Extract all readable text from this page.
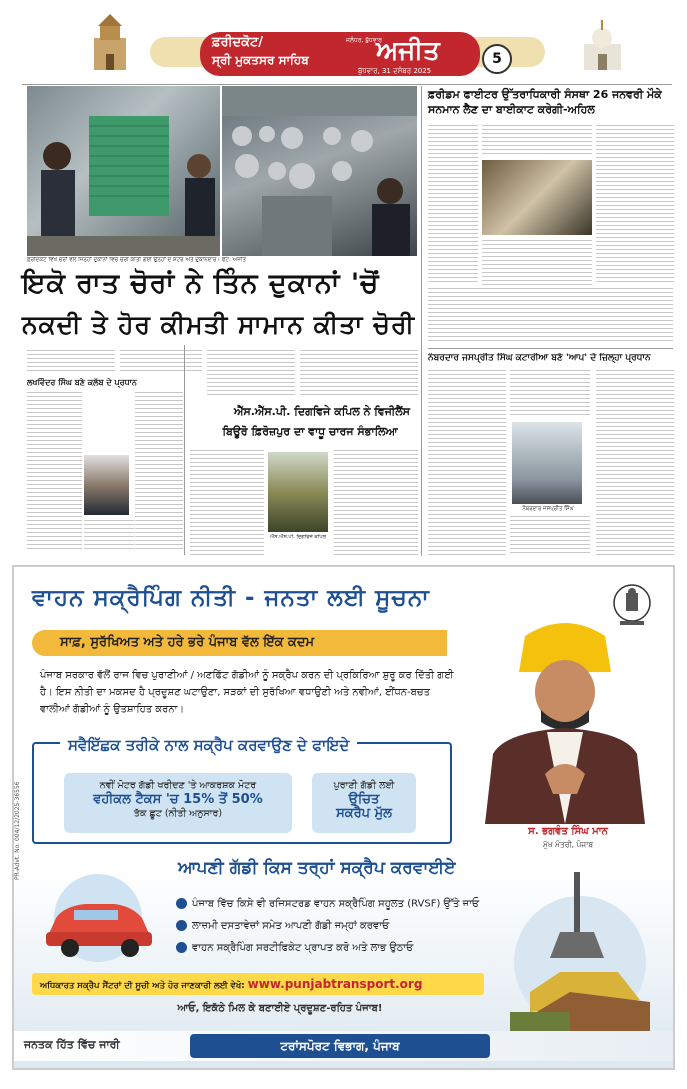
ਫ਼ਰੀਦਕੋਟ/
ਸ੍ਰੀ ਮੁਕਤਸਰ ਸਾਹਿਬ
ਜਲੰਧਰ, ਬੁੱਧਵਾਰ
ਅਜੀਤ
ਬੁੱਧਵਾਰ, 31 ਦਸੰਬਰ 2025
5
ਫ਼ਰੀਦਕੋਟ ਵਿਖੇ ਚੋਰਾਂ ਵਲੋਂ ਜਿਨ੍ਹਾਂ ਦੁਕਾਨਾਂ ਵਿਚ ਚੋਰੀ ਕੀਤੀ ਗਈ ਉਨ੍ਹਾਂ ਦੇ ਸ਼ਟਰ ਅਤੇ ਦੁਕਾਨਦਾਰ। ਫੋਟੋ: ਅਜੀਤ
ਇਕੋ ਰਾਤ ਚੋਰਾਂ ਨੇ ਤਿੰਨ ਦੁਕਾਨਾਂ 'ਚੋਂ
ਨਕਦੀ ਤੇ ਹੋਰ ਕੀਮਤੀ ਸਾਮਾਨ ਕੀਤਾ ਚੋਰੀ
ਲਖਵਿੰਦਰ ਸਿੰਘ ਬਣੇ ਕਲੱਬ ਦੇ ਪ੍ਰਧਾਨ
ਐੱਸ.ਐੱਸ.ਪੀ. ਦਿਗਵਿਜੇ ਕਪਿਲ ਨੇ ਵਿਜੀਲੈਂਸ
ਬਿਊਰੋ ਫ਼ਿਰੋਜ਼ਪੁਰ ਦਾ ਵਾਧੂ ਚਾਰਜ ਸੰਭਾਲਿਆ
ਐੱਸ.ਐੱਸ.ਪੀ. ਦਿਗਵਿਜੇ ਕਪਿਲ
ਫ਼ਰੀਡਮ ਫਾਈਟਰ ਉੱਤਰਾਧਿਕਾਰੀ ਸੰਸਥਾ 26 ਜਨਵਰੀ ਮੌਕੇ ਸਨਮਾਨ ਲੈਣ ਦਾ ਬਾਈਕਾਟ ਕਰੇਗੀ-ਅਹਿਲ
ਨੰਬਰਦਾਰ ਜਸਪ੍ਰੀਤ ਸਿੰਘ ਕਟਾਰੀਆ ਬਣੇ 'ਆਪ' ਦੇ ਜ਼ਿਲ੍ਹਾ ਪ੍ਰਧਾਨ
ਨੰਬਰਦਾਰ ਜਸਪ੍ਰੀਤ ਸਿੰਘ
ਵਾਹਨ ਸਕ੍ਰੈਪਿੰਗ ਨੀਤੀ - ਜਨਤਾ ਲਈ ਸੂਚਨਾ
ਸਾਫ਼, ਸੁਰੱਖਿਅਤ ਅਤੇ ਹਰੇ ਭਰੇ ਪੰਜਾਬ ਵੱਲ ਇੱਕ ਕਦਮ
ਪੰਜਾਬ ਸਰਕਾਰ ਵੱਲੋਂ ਰਾਜ ਵਿਚ ਪੁਰਾਣੀਆਂ / ਅਣਫਿੱਟ ਗੱਡੀਆਂ ਨੂੰ ਸਕ੍ਰੈਪ ਕਰਨ ਦੀ ਪ੍ਰਕਿਰਿਆ ਸ਼ੁਰੂ ਕਰ ਦਿੱਤੀ ਗਈ ਹੈ। ਇਸ ਨੀਤੀ ਦਾ ਮਕਸਦ ਹੈ ਪ੍ਰਦੂਸ਼ਣ ਘਟਾਉਣਾ, ਸੜਕਾਂ ਦੀ ਸੁਰੱਖਿਆ ਵਧਾਉਣੀ ਅਤੇ ਨਵੀਆਂ, ਈਂਧਨ-ਬਚਤ ਵਾਲੀਆਂ ਗੱਡੀਆਂ ਨੂੰ ਉਤਸ਼ਾਹਿਤ ਕਰਨਾ।
ਸਵੈਇੱਛਕ ਤਰੀਕੇ ਨਾਲ ਸਕ੍ਰੈਪ ਕਰਵਾਉਣ ਦੇ ਫਾਇਦੇ
ਨਵੀਂ ਮੋਟਰ ਗੱਡੀ ਖਰੀਦਣ 'ਤੇ ਆਕਰਸ਼ਕ ਮੋਟਰ
ਵਹੀਕਲ ਟੈਕਸ 'ਚ 15% ਤੋਂ 50%
ਤੱਕ ਛੂਟ (ਨੀਤੀ ਅਨੁਸਾਰ)
ਪੁਰਾਣੀ ਗੱਡੀ ਲਈ
ਉਚਿਤ
ਸਕਰੈਪ ਮੁੱਲ
ਸ. ਭਗਵੰਤ ਸਿੰਘ ਮਾਨ
ਮੁੱਖ ਮੰਤਰੀ, ਪੰਜਾਬ
ਆਪਣੀ ਗੱਡੀ ਕਿਸ ਤਰ੍ਹਾਂ ਸਕ੍ਰੈਪ ਕਰਵਾਈਏ
ਪੰਜਾਬ ਵਿੱਚ ਕਿਸੇ ਵੀ ਰਜਿਸਟਰਡ ਵਾਹਨ ਸਕ੍ਰੈਪਿੰਗ ਸਹੂਲਤ (RVSF) ਉੱਤੇ ਜਾਓ
ਲਾਜ਼ਮੀ ਦਸਤਾਵੇਜ਼ਾਂ ਸਮੇਤ ਆਪਣੀ ਗੱਡੀ ਜਮ੍ਹਾਂ ਕਰਵਾਓ
ਵਾਹਨ ਸਕ੍ਰੈਪਿੰਗ ਸਰਟੀਫਿਕੇਟ ਪ੍ਰਾਪਤ ਕਰੋ ਅਤੇ ਲਾਭ ਉਠਾਓ
ਅਧਿਕਾਰਤ ਸਕ੍ਰੈਪ ਸੈਂਟਰਾਂ ਦੀ ਸੂਚੀ ਅਤੇ ਹੋਰ ਜਾਣਕਾਰੀ ਲਈ ਵੇਖੋ: www.punjabtransport.org
ਆਓ, ਇਕੱਠੇ ਮਿਲ ਕੇ ਬਣਾਈਏ ਪ੍ਰਦੂਸ਼ਣ-ਰਹਿਤ ਪੰਜਾਬ!
ਜਨਤਕ ਹਿੱਤ ਵਿੱਚ ਜਾਰੀ	ਟਰਾਂਸਪੋਰਟ ਵਿਭਾਗ, ਪੰਜਾਬ
PR-Advt. No. 004/12/2025-36556
